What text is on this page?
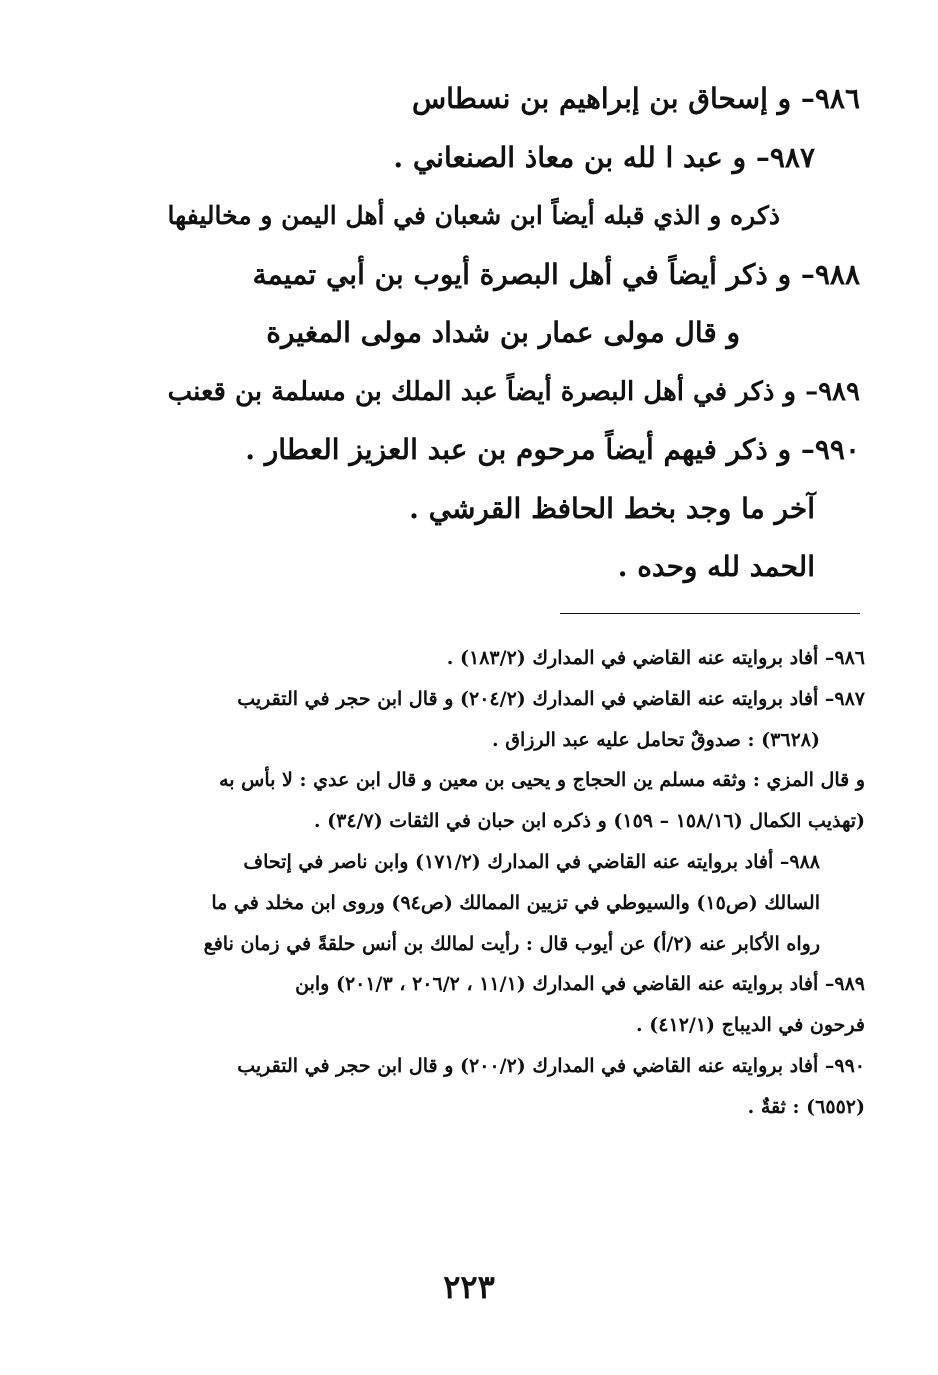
٩٨٦– و إسحاق بن إبراهيم بن نسطاس
٩٨٧– و عبد ا لله بن معاذ الصنعاني .
ذكره و الذي قبله أيضاً ابن شعبان في أهل اليمن و مخاليفها
٩٨٨– و ذكر أيضاً في أهل البصرة أيوب بن أبي تميمة
و قال مولى عمار بن شداد مولى المغيرة
٩٨٩– و ذكر في أهل البصرة أيضاً عبد الملك بن مسلمة بن قعنب
٩٩٠– و ذكر فيهم أيضاً مرحوم بن عبد العزيز العطار .
آخر ما وجد بخط الحافظ القرشي .
الحمد لله وحده .
٩٨٦– أفاد بروايته عنه القاضي في المدارك (١٨٣/٢) .
٩٨٧– أفاد بروايته عنه القاضي في المدارك (٢٠٤/٢) و قال ابن حجر في التقريب
(٣٦٢٨) : صدوقٌ تحامل عليه عبد الرزاق .
و قال المزي : وثقه مسلم ين الحجاج و يحيى بن معين و قال ابن عدي : لا بأس به
(تهذيب الكمال (١٥٨/١٦ – ١٥٩) و ذكره ابن حبان في الثقات (٣٤/٧) .
٩٨٨– أفاد بروايته عنه القاضي في المدارك (١٧١/٢) وابن ناصر في إتحاف
السالك (ص١٥) والسيوطي في تزيين الممالك (ص٩٤) وروى ابن مخلد في ما
رواه الأكابر عنه (٢/أ) عن أيوب قال : رأيت لمالك بن أنس حلقةً في زمان نافع
٩٨٩– أفاد بروايته عنه القاضي في المدارك (١١/١ ، ٢٠٦/٢ ، ٢٠١/٣) وابن
فرحون في الديباج (٤١٢/١) .
٩٩٠– أفاد بروايته عنه القاضي في المدارك (٢٠٠/٢) و قال ابن حجر في التقريب
(٦٥٥٢) : ثقةٌ .
٢٢٣
